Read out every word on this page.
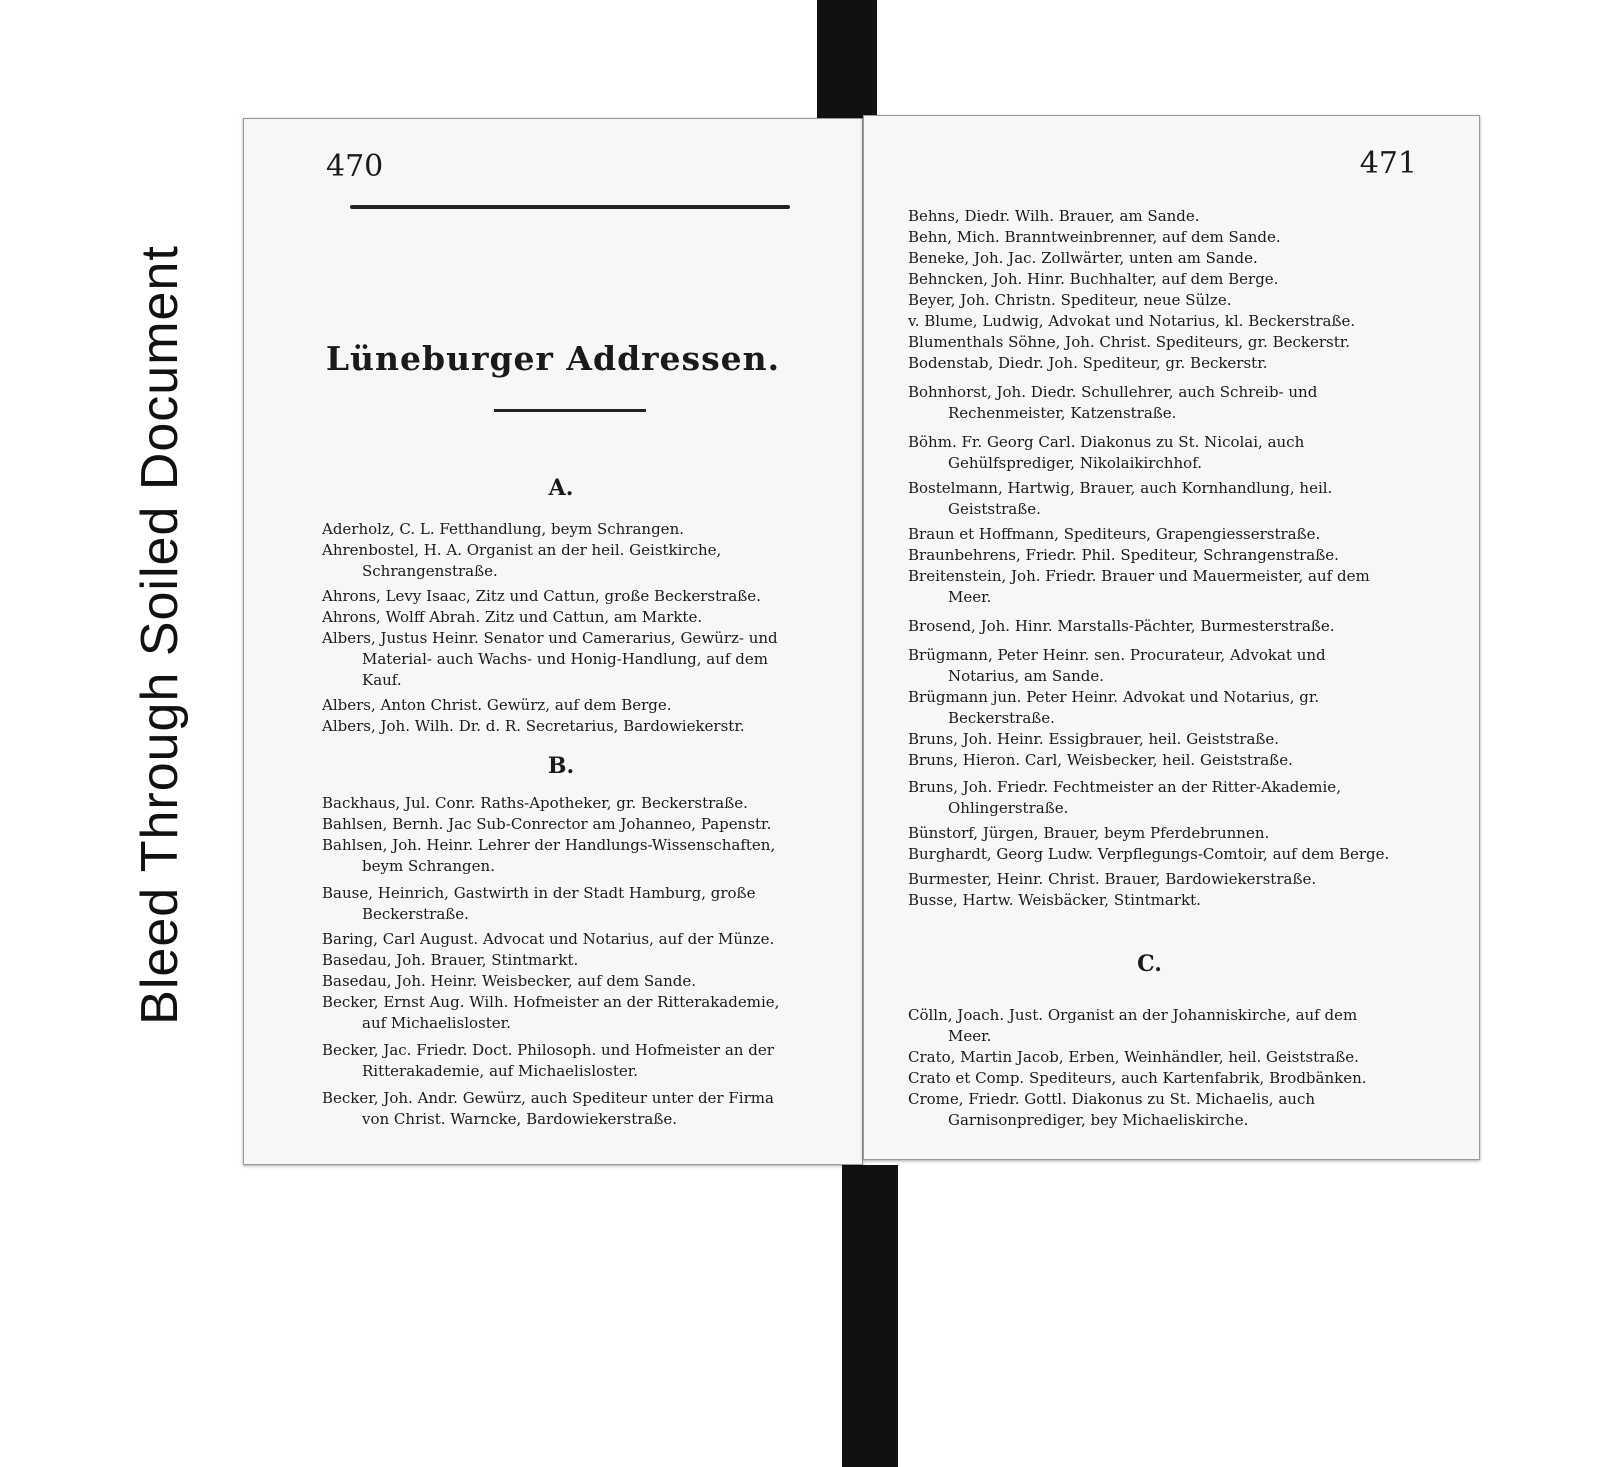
Bleed Through Soiled Document
470
Lüneburger Addressen.
A.
Aderholz, C. L. Fetthandlung, beym Schrangen.
Ahrenbostel, H. A. Organist an der heil. Geistkirche, Schrangenstraße.
Ahrons, Levy Isaac, Zitz und Cattun, große Beckerstraße.
Ahrons, Wolff Abrah. Zitz und Cattun, am Markte.
Albers, Justus Heinr. Senator und Camerarius, Gewürz- und Material- auch Wachs- und Honig-Handlung, auf dem Kauf.
Albers, Anton Christ. Gewürz, auf dem Berge.
Albers, Joh. Wilh. Dr. d. R. Secretarius, Bardowiekerstr.
B.
Backhaus, Jul. Conr. Raths-Apotheker, gr. Beckerstraße.
Bahlsen, Bernh. Jac Sub-Conrector am Johanneo, Papenstr.
Bahlsen, Joh. Heinr. Lehrer der Handlungs-Wissenschaften, beym Schrangen.
Bause, Heinrich, Gastwirth in der Stadt Hamburg, große Beckerstraße.
Baring, Carl August. Advocat und Notarius, auf der Münze.
Basedau, Joh. Brauer, Stintmarkt.
Basedau, Joh. Heinr. Weisbecker, auf dem Sande.
Becker, Ernst Aug. Wilh. Hofmeister an der Ritterakademie, auf Michaelisloster.
Becker, Jac. Friedr. Doct. Philosoph. und Hofmeister an der Ritterakademie, auf Michaelisloster.
Becker, Joh. Andr. Gewürz, auch Spediteur unter der Firma von Christ. Warncke, Bardowiekerstraße.
471
Behns, Diedr. Wilh. Brauer, am Sande.
Behn, Mich. Branntweinbrenner, auf dem Sande.
Beneke, Joh. Jac. Zollwärter, unten am Sande.
Behncken, Joh. Hinr. Buchhalter, auf dem Berge.
Beyer, Joh. Christn. Spediteur, neue Sülze.
v. Blume, Ludwig, Advokat und Notarius, kl. Beckerstraße.
Blumenthals Söhne, Joh. Christ. Spediteurs, gr. Beckerstr.
Bodenstab, Diedr. Joh. Spediteur, gr. Beckerstr.
Bohnhorst, Joh. Diedr. Schullehrer, auch Schreib- und Rechenmeister, Katzenstraße.
Böhm. Fr. Georg Carl. Diakonus zu St. Nicolai, auch Gehülfsprediger, Nikolaikirchhof.
Bostelmann, Hartwig, Brauer, auch Kornhandlung, heil. Geiststraße.
Braun et Hoffmann, Spediteurs, Grapengiesserstraße.
Braunbehrens, Friedr. Phil. Spediteur, Schrangenstraße.
Breitenstein, Joh. Friedr. Brauer und Mauermeister, auf dem Meer.
Brosend, Joh. Hinr. Marstalls-Pächter, Burmesterstraße.
Brügmann, Peter Heinr. sen. Procurateur, Advokat und Notarius, am Sande.
Brügmann jun. Peter Heinr. Advokat und Notarius, gr. Beckerstraße.
Bruns, Joh. Heinr. Essigbrauer, heil. Geiststraße.
Bruns, Hieron. Carl, Weisbecker, heil. Geiststraße.
Bruns, Joh. Friedr. Fechtmeister an der Ritter-Akademie, Ohlingerstraße.
Bünstorf, Jürgen, Brauer, beym Pferdebrunnen.
Burghardt, Georg Ludw. Verpflegungs-Comtoir, auf dem Berge.
Burmester, Heinr. Christ. Brauer, Bardowiekerstraße.
Busse, Hartw. Weisbäcker, Stintmarkt.
C.
Cölln, Joach. Just. Organist an der Johanniskirche, auf dem Meer.
Crato, Martin Jacob, Erben, Weinhändler, heil. Geiststraße.
Crato et Comp. Spediteurs, auch Kartenfabrik, Brodbänken.
Crome, Friedr. Gottl. Diakonus zu St. Michaelis, auch Garnisonprediger, bey Michaeliskirche.
